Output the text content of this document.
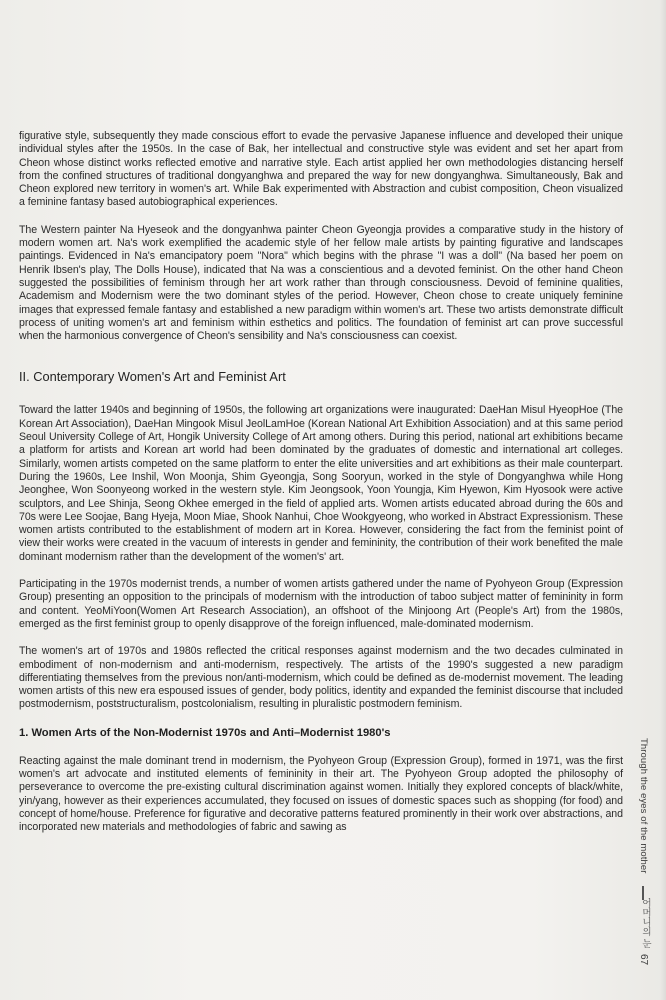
figurative style, subsequently they made conscious effort to evade the pervasive Japanese influence and developed their unique individual styles after the 1950s. In the case of Bak, her intellectual and constructive style was evident and set her apart from Cheon whose distinct works reflected emotive and narrative style. Each artist applied her own methodologies distancing herself from the confined structures of traditional dongyanghwa and prepared the way for new dongyanghwa. Simultaneously, Bak and Cheon explored new territory in women's art. While Bak experimented with Abstraction and cubist composition, Cheon visualized a feminine fantasy based autobiographical experiences.

The Western painter Na Hyeseok and the dongyanhwa painter Cheon Gyeongja provides a comparative study in the history of modern women art. Na's work exemplified the academic style of her fellow male artists by painting figurative and landscapes paintings. Evidenced in Na's emancipatory poem "Nora" which begins with the phrase "I was a doll" (Na based her poem on Henrik Ibsen's play, The Dolls House), indicated that Na was a conscientious and a devoted feminist. On the other hand Cheon suggested the possibilities of feminism through her art work rather than through consciousness. Devoid of feminine qualities, Academism and Modernism were the two dominant styles of the period. However, Cheon chose to create uniquely feminine images that expressed female fantasy and established a new paradigm within women's art. These two artists demonstrate difficult process of uniting women's art and feminism within esthetics and politics. The foundation of feminist art can prove successful when the harmonious convergence of Cheon's sensibility and Na's consciousness can coexist.

II. Contemporary Women's Art and Feminist Art

Toward the latter 1940s and beginning of 1950s, the following art organizations were inaugurated: DaeHan Misul HyeopHoe (The Korean Art Association), DaeHan Mingook Misul JeolLamHoe (Korean National Art Exhibition Association) and at this same period Seoul University College of Art, Hongik University College of Art among others. During this period, national art exhibitions became a platform for artists and Korean art world had been dominated by the graduates of domestic and international art colleges. Similarly, women artists competed on the same platform to enter the elite universities and art exhibitions as their male counterpart. During the 1960s, Lee Inshil, Won Moonja, Shim Gyeongja, Song Sooryun, worked in the style of Dongyanghwa while Hong Jeonghee, Won Soonyeong worked in the western style. Kim Jeongsook, Yoon Youngja, Kim Hyewon, Kim Hyosook were active sculptors, and Lee Shinja, Seong Okhee emerged in the field of applied arts. Women artists educated abroad during the 60s and 70s were Lee Soojae, Bang Hyeja, Moon Miae, Shook Nanhui, Choe Wookgyeong, who worked in Abstract Expressionism. These women artists contributed to the establishment of modern art in Korea. However, considering the fact from the feminist point of view their works were created in the vacuum of interests in gender and femininity, the contribution of their work benefited the male dominant modernism rather than the development of the women's' art.

Participating in the 1970s modernist trends, a number of women artists gathered under the name of Pyohyeon Group (Expression Group) presenting an opposition to the principals of modernism with the introduction of taboo subject matter of femininity in form and content. YeoMiYoon(Women Art Research Association), an offshoot of the Minjoong Art (People's Art) from the 1980s, emerged as the first feminist group to openly disapprove of the foreign influenced, male-dominated modernism.

The women's art of 1970s and 1980s reflected the critical responses against modernism and the two decades culminated in embodiment of non-modernism and anti-modernism, respectively. The artists of the 1990's suggested a new paradigm differentiating themselves from the previous non/anti-modernism, which could be defined as de-modernist movement. The leading women artists of this new era espoused issues of gender, body politics, identity and expanded the feminist discourse that included postmodernism, poststructuralism, postcolonialism, resulting in pluralistic postmodern feminism.

1. Women Arts of the Non-Modernist 1970s and Anti–Modernist 1980's

Reacting against the male dominant trend in modernism, the Pyohyeon Group (Expression Group), formed in 1971, was the first women's art advocate and instituted elements of femininity in their art. The Pyohyeon Group adopted the philosophy of perseverance to overcome the pre-existing cultural discrimination against women. Initially they explored concepts of black/white, yin/yang, however as their experiences accumulated, they focused on issues of domestic spaces such as shopping (for food) and concept of home/house. Preference for figurative and decorative patterns featured prominently in their work over abstractions, and incorporated new materials and methodologies of fabric and sawing as	Through the eyes of the mother
어머니의 눈
67
